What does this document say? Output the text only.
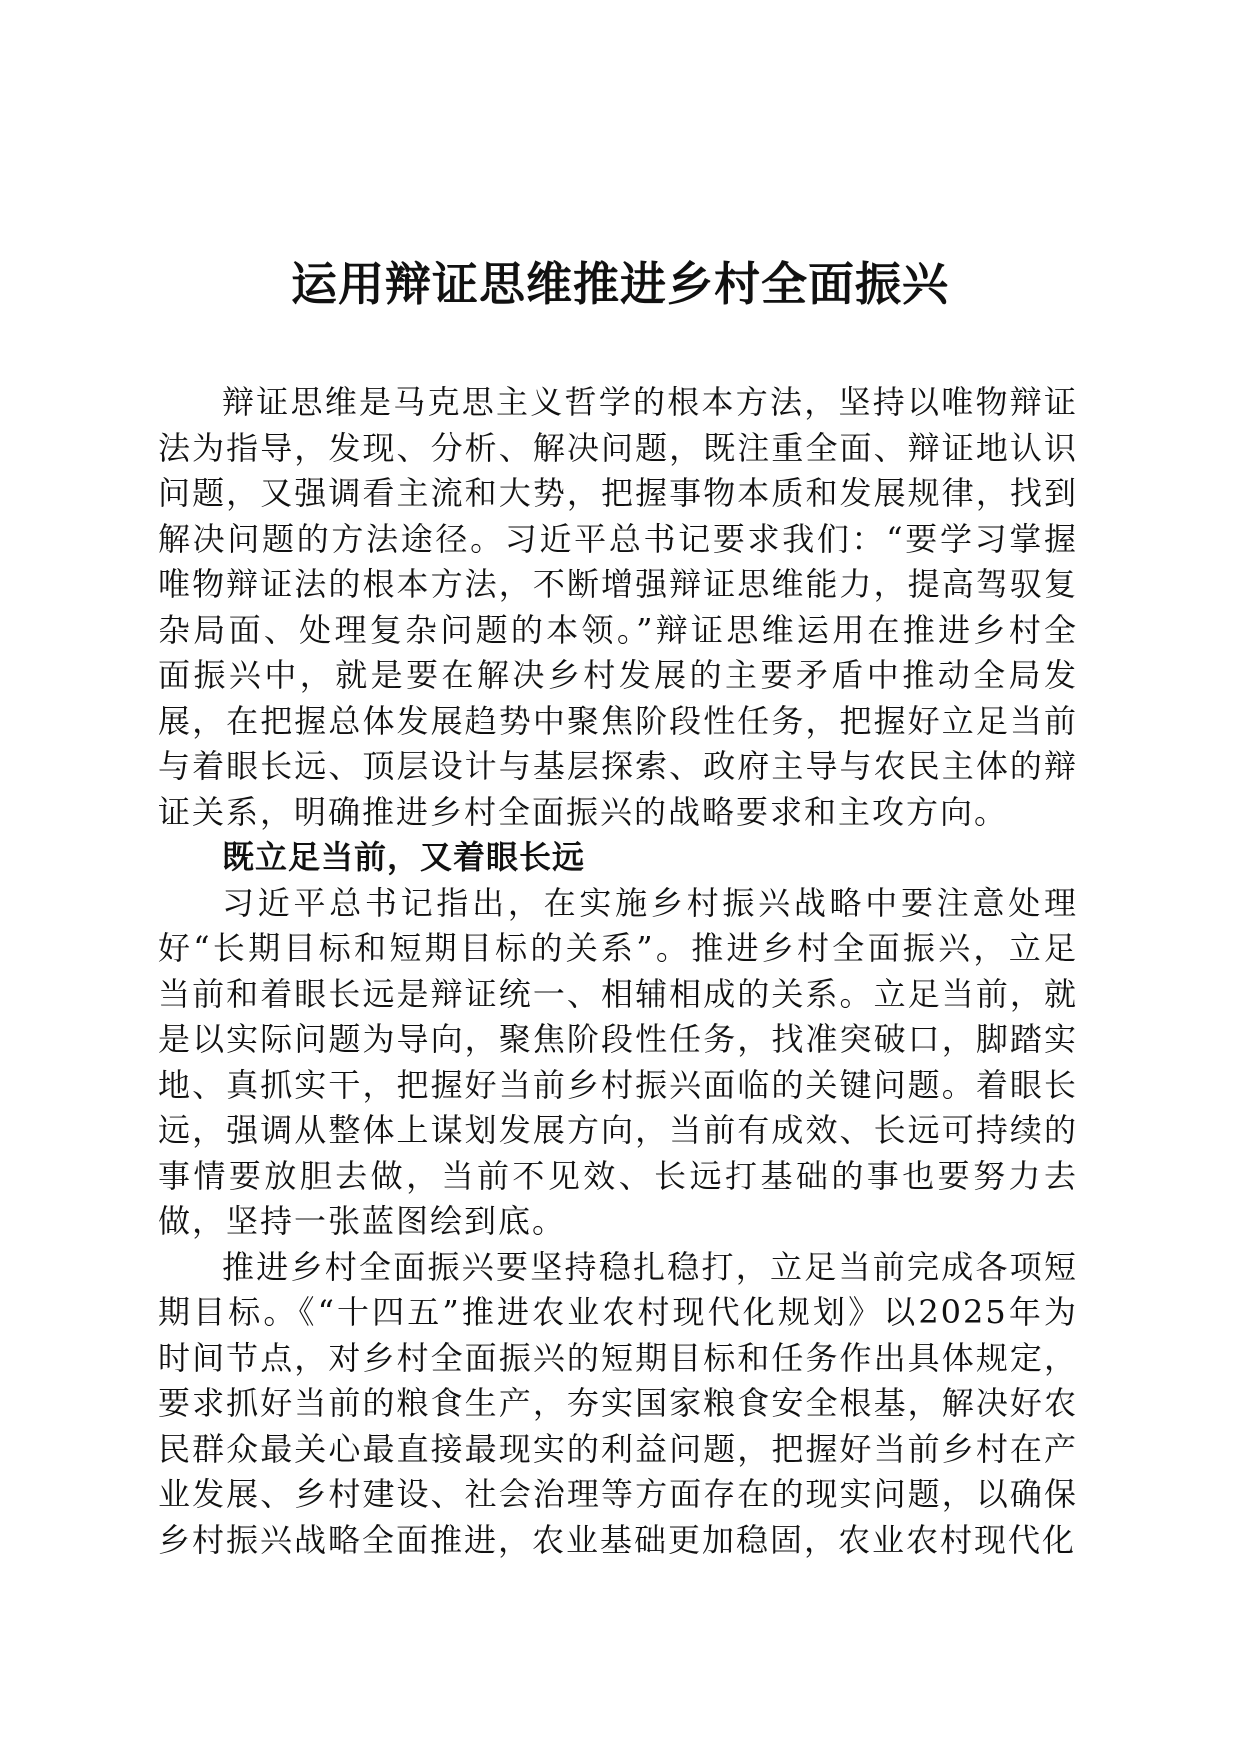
运用辩证思维推进乡村全面振兴

辩证思维是马克思主义哲学的根本方法，坚持以唯物辩证法为指导，发现、分析、解决问题，既注重全面、辩证地认识问题，又强调看主流和大势，把握事物本质和发展规律，找到解决问题的方法途径。习近平总书记要求我们：“要学习掌握唯物辩证法的根本方法，不断增强辩证思维能力，提高驾驭复杂局面、处理复杂问题的本领。”辩证思维运用在推进乡村全面振兴中，就是要在解决乡村发展的主要矛盾中推动全局发展，在把握总体发展趋势中聚焦阶段性任务，把握好立足当前与着眼长远、顶层设计与基层探索、政府主导与农民主体的辩证关系，明确推进乡村全面振兴的战略要求和主攻方向。

既立足当前，又着眼长远

习近平总书记指出，在实施乡村振兴战略中要注意处理好“长期目标和短期目标的关系”。推进乡村全面振兴，立足当前和着眼长远是辩证统一、相辅相成的关系。立足当前，就是以实际问题为导向，聚焦阶段性任务，找准突破口，脚踏实地、真抓实干，把握好当前乡村振兴面临的关键问题。着眼长远，强调从整体上谋划发展方向，当前有成效、长远可持续的事情要放胆去做，当前不见效、长远打基础的事也要努力去做，坚持一张蓝图绘到底。

推进乡村全面振兴要坚持稳扎稳打，立足当前完成各项短期目标。《“十四五”推进农业农村现代化规划》以2025年为时间节点，对乡村全面振兴的短期目标和任务作出具体规定，要求抓好当前的粮食生产，夯实国家粮食安全根基，解决好农民群众最关心最直接最现实的利益问题，把握好当前乡村在产业发展、乡村建设、社会治理等方面存在的现实问题，以确保乡村振兴战略全面推进，农业基础更加稳固，农业农村现代化
